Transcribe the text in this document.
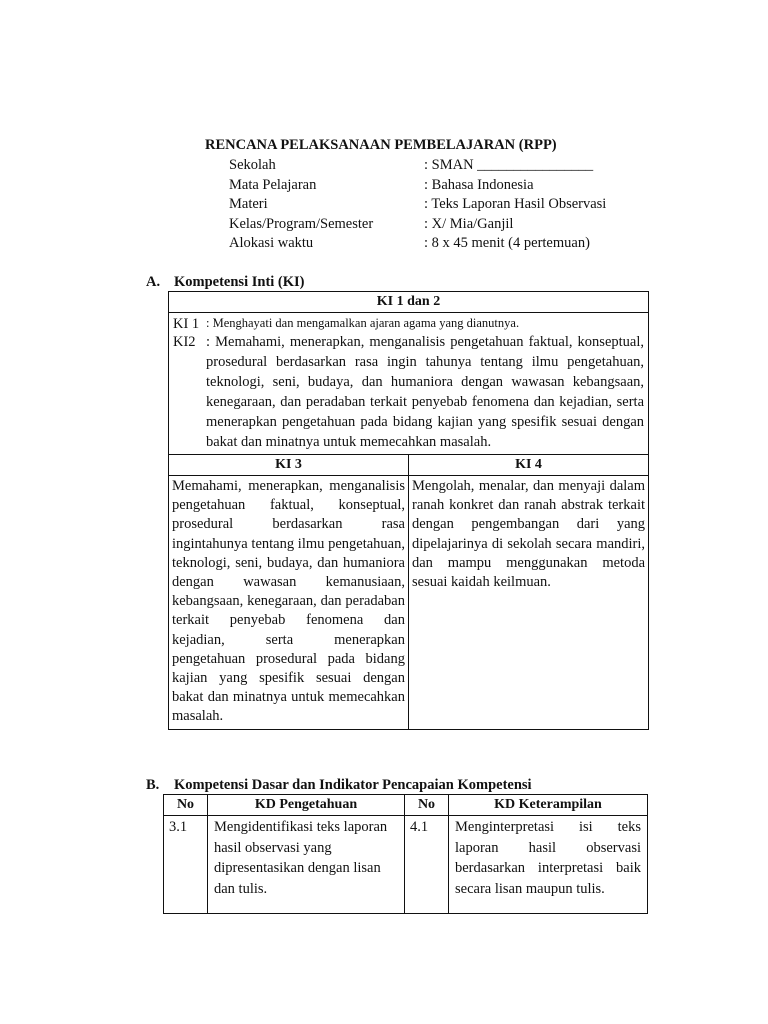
RENCANA PELAKSANAAN PEMBELAJARAN (RPP)
Sekolah	: SMAN ________________
Mata Pelajaran	: Bahasa Indonesia
Materi	: Teks Laporan Hasil Observasi
Kelas/Program/Semester	: X/ Mia/Ganjil
Alokasi waktu	: 8 x 45 menit (4 pertemuan)
A. Kompetensi Inti (KI)
KI 1 dan 2	

KI 1 : Menghayati dan mengamalkan ajaran agama yang dianutnya.
KI2 : Memahami, menerapkan, menganalisis pengetahuan faktual, konseptual, prosedural berdasarkan rasa ingin tahunya tentang ilmu pengetahuan, teknologi, seni, budaya, dan humaniora dengan wawasan kebangsaan, kenegaraan, dan peradaban terkait penyebab fenomena dan kejadian, serta menerapkan pengetahuan pada bidang kajian yang spesifik sesuai dengan bakat dan minatnya untuk memecahkan masalah.	

KI 3	KI 4
Memahami, menerapkan, menganalisis pengetahuan faktual, konseptual, prosedural berdasarkan rasa ingintahunya tentang ilmu pengetahuan, teknologi, seni, budaya, dan humaniora dengan wawasan kemanusiaan, kebangsaan, kenegaraan, dan peradaban terkait penyebab fenomena dan kejadian, serta menerapkan pengetahuan prosedural pada bidang kajian yang spesifik sesuai dengan bakat dan minatnya untuk memecahkan masalah.	Mengolah, menalar, dan menyaji dalam ranah konkret dan ranah abstrak terkait dengan pengembangan dari yang dipelajarinya di sekolah secara mandiri, dan mampu menggunakan metoda sesuai kaidah keilmuan.
B. Kompetensi Dasar dan Indikator Pencapaian Kompetensi
No	KD Pengetahuan	No	KD Keterampilan
3.1	Mengidentifikasi teks laporan hasil observasi yang dipresentasikan dengan lisan dan tulis.	4.1	Menginterpretasi isi teks laporan hasil observasi berdasarkan interpretasi baik secara lisan maupun tulis.
